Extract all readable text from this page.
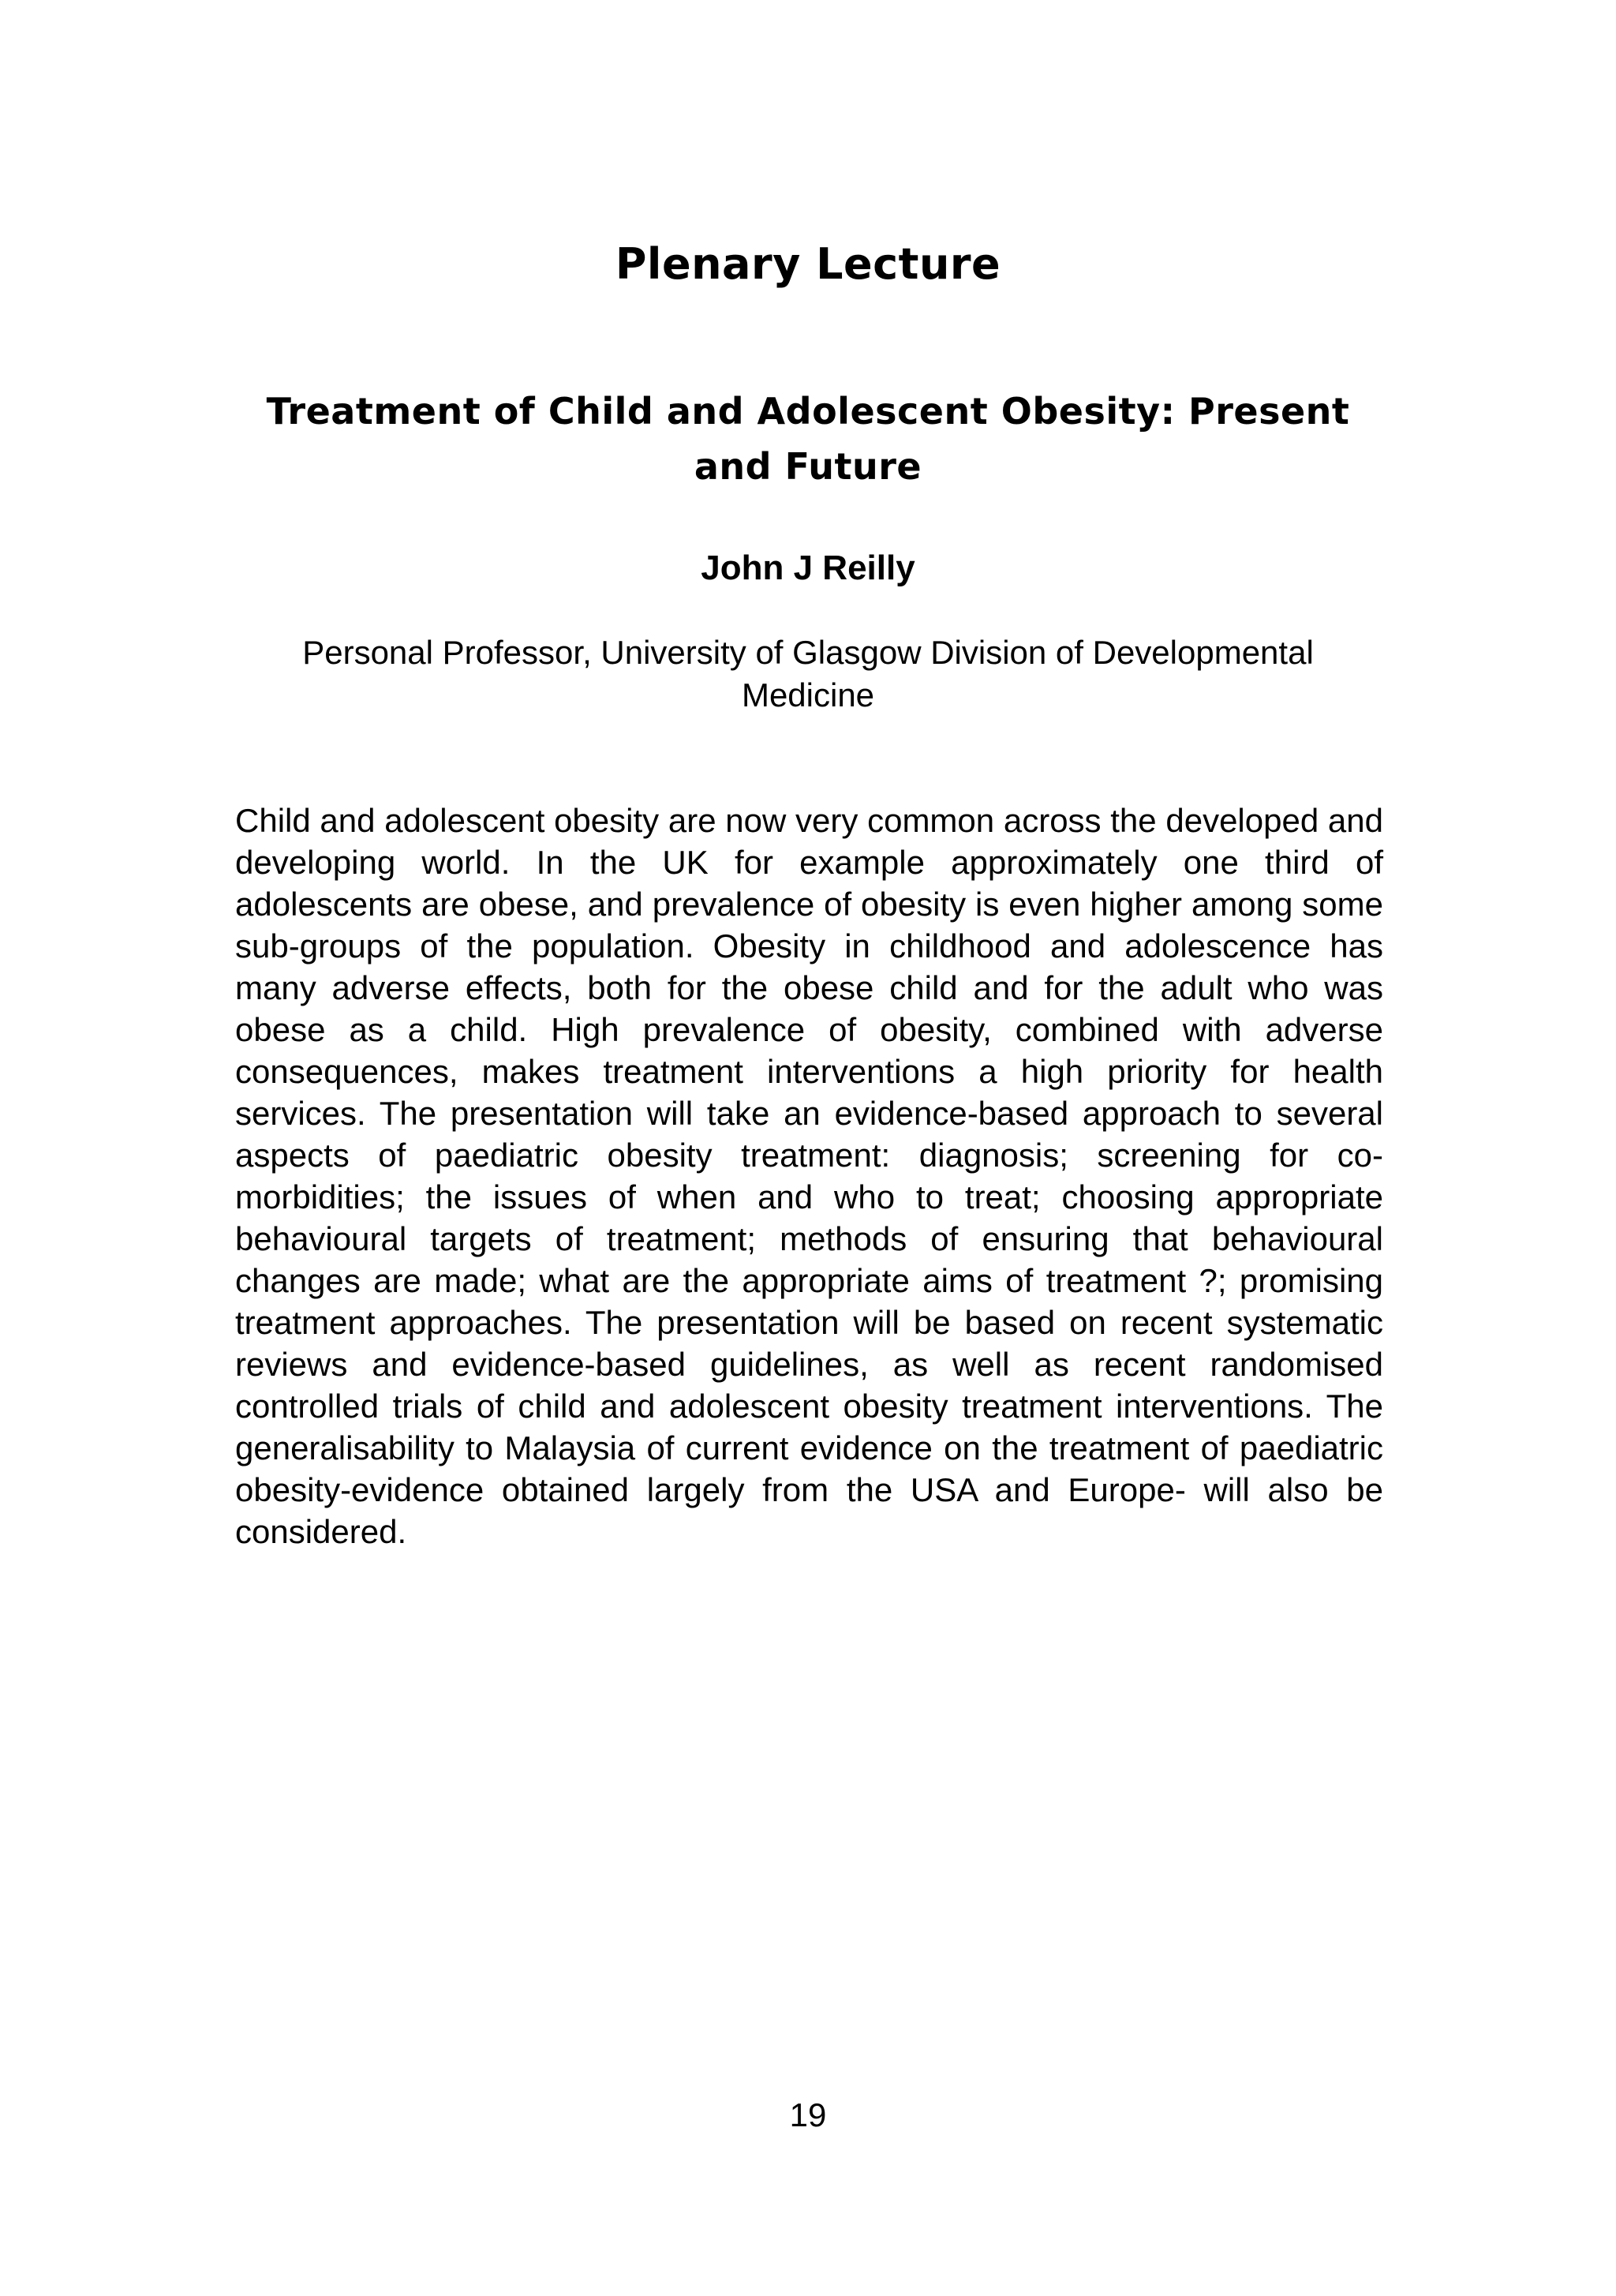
Plenary Lecture
Treatment of Child and Adolescent Obesity: Present and Future
John J Reilly
Personal Professor, University of Glasgow Division of Developmental Medicine

Child and adolescent obesity are now very common across the developed and developing world. In the UK for example approximately one third of adolescents are obese, and prevalence of obesity is even higher among some sub-groups of the population. Obesity in childhood and adolescence has many adverse effects, both for the obese child and for the adult who was obese as a child. High prevalence of obesity, combined with adverse consequences, makes treatment interventions a high priority for health services. The presentation will take an evidence-based approach to several aspects of paediatric obesity treatment: diagnosis; screening for co-morbidities; the issues of when and who to treat; choosing appropriate behavioural targets of treatment; methods of ensuring that behavioural changes are made; what are the appropriate aims of treatment ?; promising treatment approaches. The presentation will be based on recent systematic reviews and evidence-based guidelines, as well as recent randomised controlled trials of child and adolescent obesity treatment interventions. The generalisability to Malaysia of current evidence on the treatment of paediatric obesity-evidence obtained largely from the USA and Europe- will also be considered.

19
